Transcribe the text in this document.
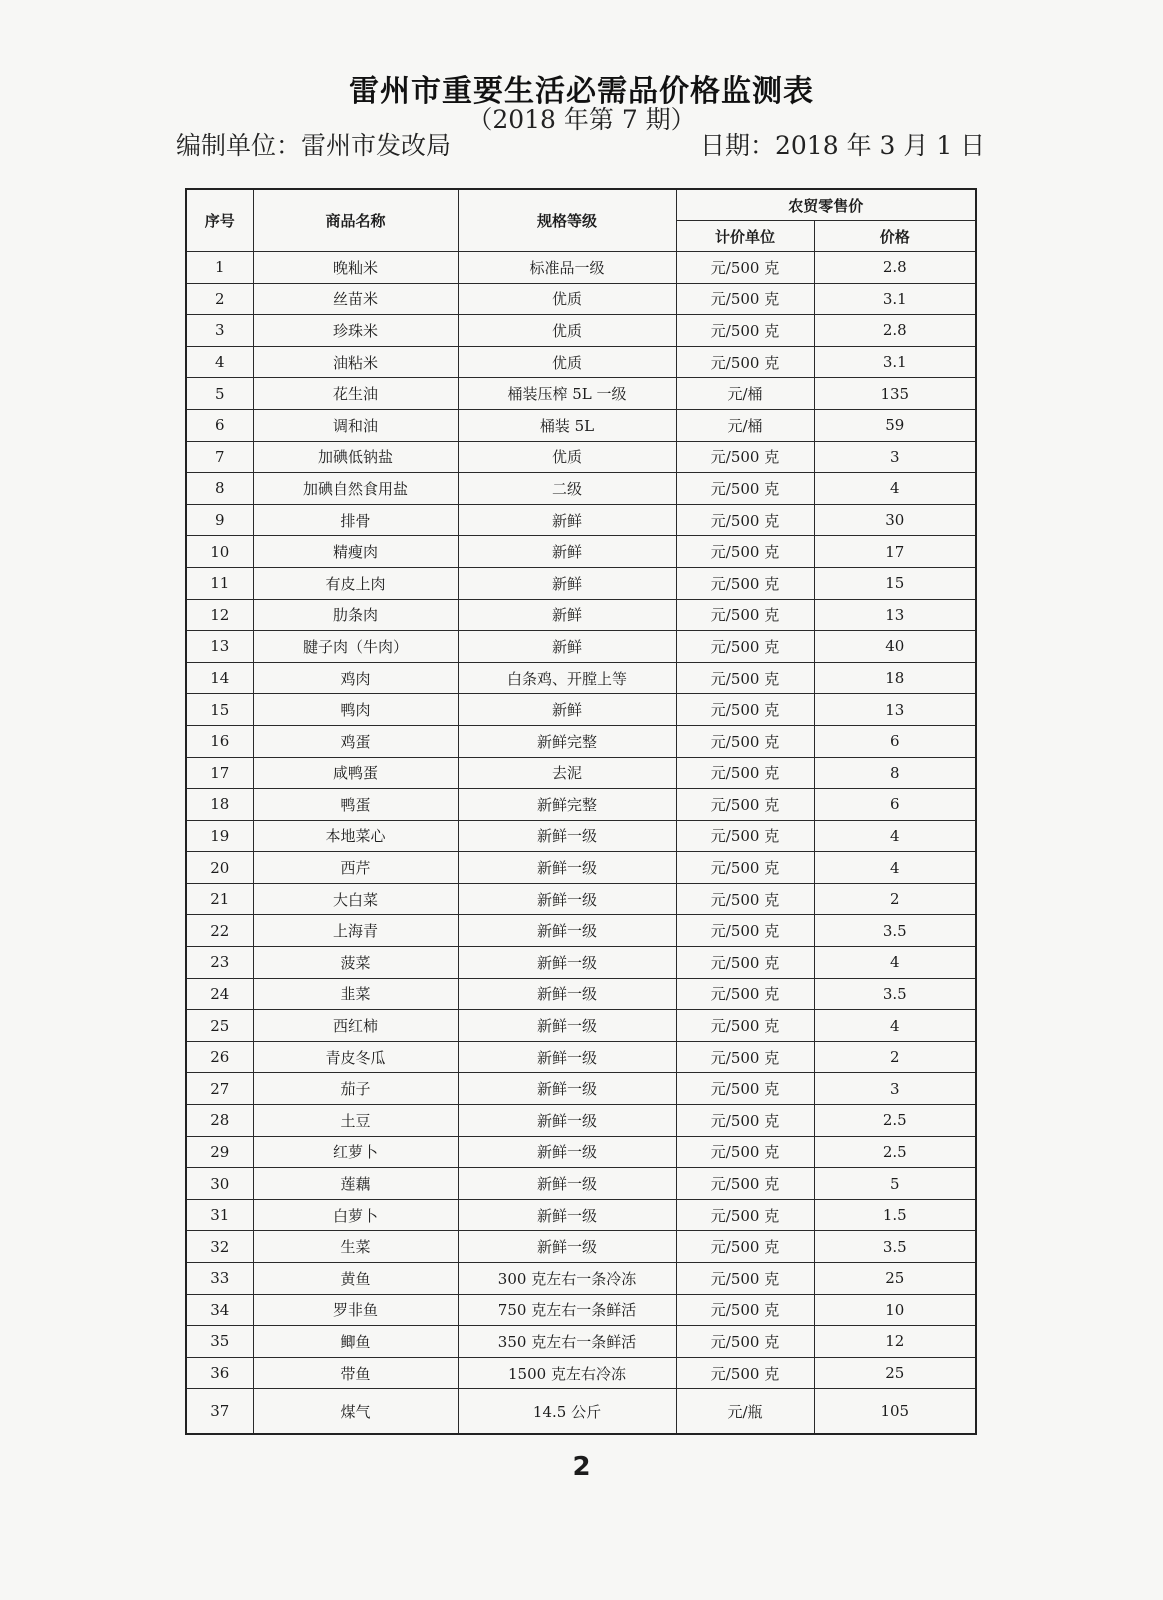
雷州市重要生活必需品价格监测表
（2018 年第 7 期）
编制单位：雷州市发改局	日期：2018 年 3 月 1 日
序号	商品名称	规格等级	农贸零售价	
			计价单位	价格
1	晚籼米	标准品一级	元/500 克	2.8
2	丝苗米	优质	元/500 克	3.1
3	珍珠米	优质	元/500 克	2.8
4	油粘米	优质	元/500 克	3.1
5	花生油	桶装压榨 5L 一级	元/桶	135
6	调和油	桶装 5L	元/桶	59
7	加碘低钠盐	优质	元/500 克	3
8	加碘自然食用盐	二级	元/500 克	4
9	排骨	新鲜	元/500 克	30
10	精瘦肉	新鲜	元/500 克	17
11	有皮上肉	新鲜	元/500 克	15
12	肋条肉	新鲜	元/500 克	13
13	腱子肉（牛肉）	新鲜	元/500 克	40
14	鸡肉	白条鸡、开膛上等	元/500 克	18
15	鸭肉	新鲜	元/500 克	13
16	鸡蛋	新鲜完整	元/500 克	6
17	咸鸭蛋	去泥	元/500 克	8
18	鸭蛋	新鲜完整	元/500 克	6
19	本地菜心	新鲜一级	元/500 克	4
20	西芹	新鲜一级	元/500 克	4
21	大白菜	新鲜一级	元/500 克	2
22	上海青	新鲜一级	元/500 克	3.5
23	菠菜	新鲜一级	元/500 克	4
24	韭菜	新鲜一级	元/500 克	3.5
25	西红柿	新鲜一级	元/500 克	4
26	青皮冬瓜	新鲜一级	元/500 克	2
27	茄子	新鲜一级	元/500 克	3
28	土豆	新鲜一级	元/500 克	2.5
29	红萝卜	新鲜一级	元/500 克	2.5
30	莲藕	新鲜一级	元/500 克	5
31	白萝卜	新鲜一级	元/500 克	1.5
32	生菜	新鲜一级	元/500 克	3.5
33	黄鱼	300 克左右一条冷冻	元/500 克	25
34	罗非鱼	750 克左右一条鲜活	元/500 克	10
35	鲫鱼	350 克左右一条鲜活	元/500 克	12
36	带鱼	1500 克左右冷冻	元/500 克	25
37	煤气	14.5 公斤	元/瓶	105
2
